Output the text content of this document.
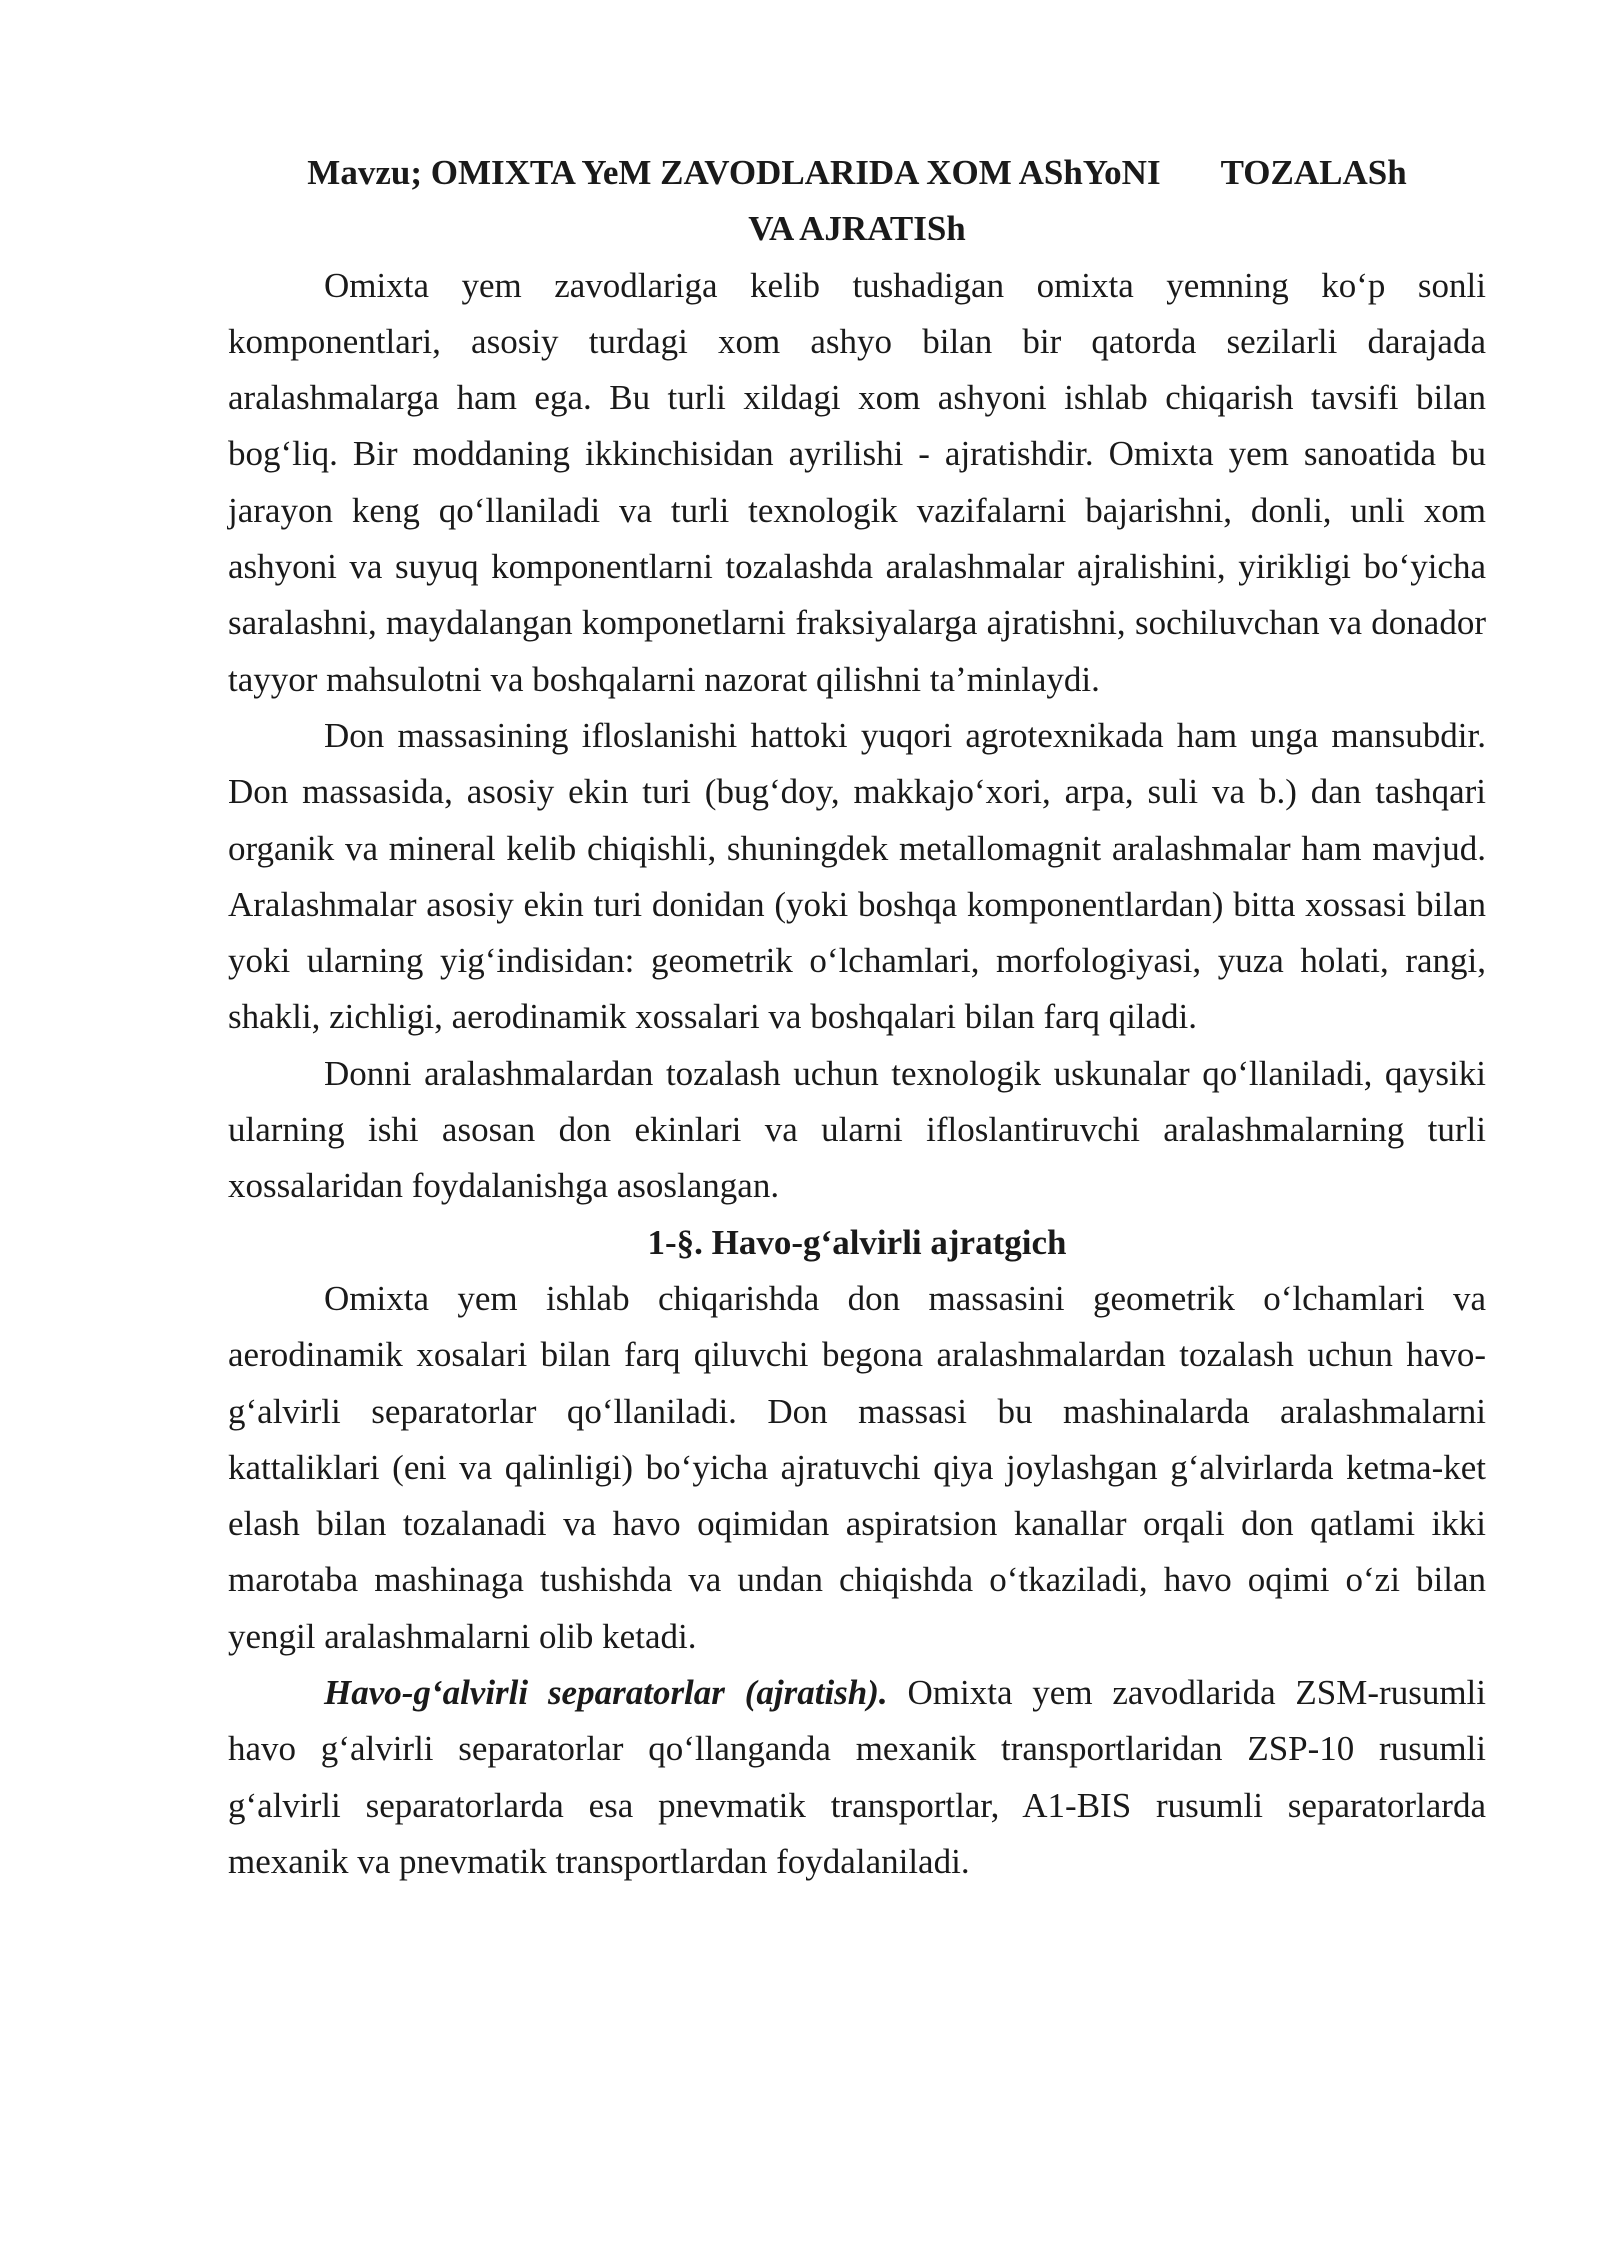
Mavzu; OMIXTA YeM ZAVODLARIDA XOM AShYoNI TOZALASh
VA AJRATISh

Omixta yem zavodlariga kelib tushadigan omixta yemning koʻp sonli komponentlari, asosiy turdagi xom ashyo bilan bir qatorda sezilarli darajada aralashmalarga ham ega. Bu turli xildagi xom ashyoni ishlab chiqarish tavsifi bilan bogʻliq. Bir moddaning ikkinchisidan ayrilishi - ajratishdir. Omixta yem sanoatida bu jarayon keng qoʻllaniladi va turli texnologik vazifalarni bajarishni, donli, unli xom ashyoni va suyuq komponentlarni tozalashda aralashmalar ajralishini, yirikligi boʻyicha saralashni, maydalangan komponetlarni fraksiyalarga ajratishni, sochiluvchan va donador tayyor mahsulotni va boshqalarni nazorat qilishni taʼminlaydi.

Don massasining ifloslanishi hattoki yuqori agrotexnikada ham unga mansubdir. Don massasida, asosiy ekin turi (bugʻdoy, makkajoʻxori, arpa, suli va b.) dan tashqari organik va mineral kelib chiqishli, shuningdek metallomagnit aralashmalar ham mavjud. Aralashmalar asosiy ekin turi donidan (yoki boshqa komponentlardan) bitta xossasi bilan yoki ularning yigʻindisidan: geometrik oʻlchamlari, morfologiyasi, yuza holati, rangi, shakli, zichligi, aerodinamik xossalari va boshqalari bilan farq qiladi.

Donni aralashmalardan tozalash uchun texnologik uskunalar qoʻllaniladi, qaysiki ularning ishi asosan don ekinlari va ularni ifloslantiruvchi aralashmalarning turli xossalaridan foydalanishga asoslangan.

1-§. Havo-gʻalvirli ajratgich

Omixta yem ishlab chiqarishda don massasini geometrik oʻlchamlari va aerodinamik xosalari bilan farq qiluvchi begona aralashmalardan tozalash uchun havo-gʻalvirli separatorlar qoʻllaniladi. Don massasi bu mashinalarda aralashmalarni kattaliklari (eni va qalinligi) boʻyicha ajratuvchi qiya joylashgan gʻalvirlarda ketma-ket elash bilan tozalanadi va havo oqimidan aspiratsion kanallar orqali don qatlami ikki marotaba mashinaga tushishda va undan chiqishda oʻtkaziladi, havo oqimi oʻzi bilan yengil aralashmalarni olib ketadi.

Havo-gʻalvirli separatorlar (ajratish). Omixta yem zavodlarida ZSM-rusumli havo gʻalvirli separatorlar qoʻllanganda mexanik transportlaridan ZSP-10 rusumli gʻalvirli separatorlarda esa pnevmatik transportlar, A1-BIS rusumli separatorlarda mexanik va pnevmatik transportlardan foydalaniladi.
